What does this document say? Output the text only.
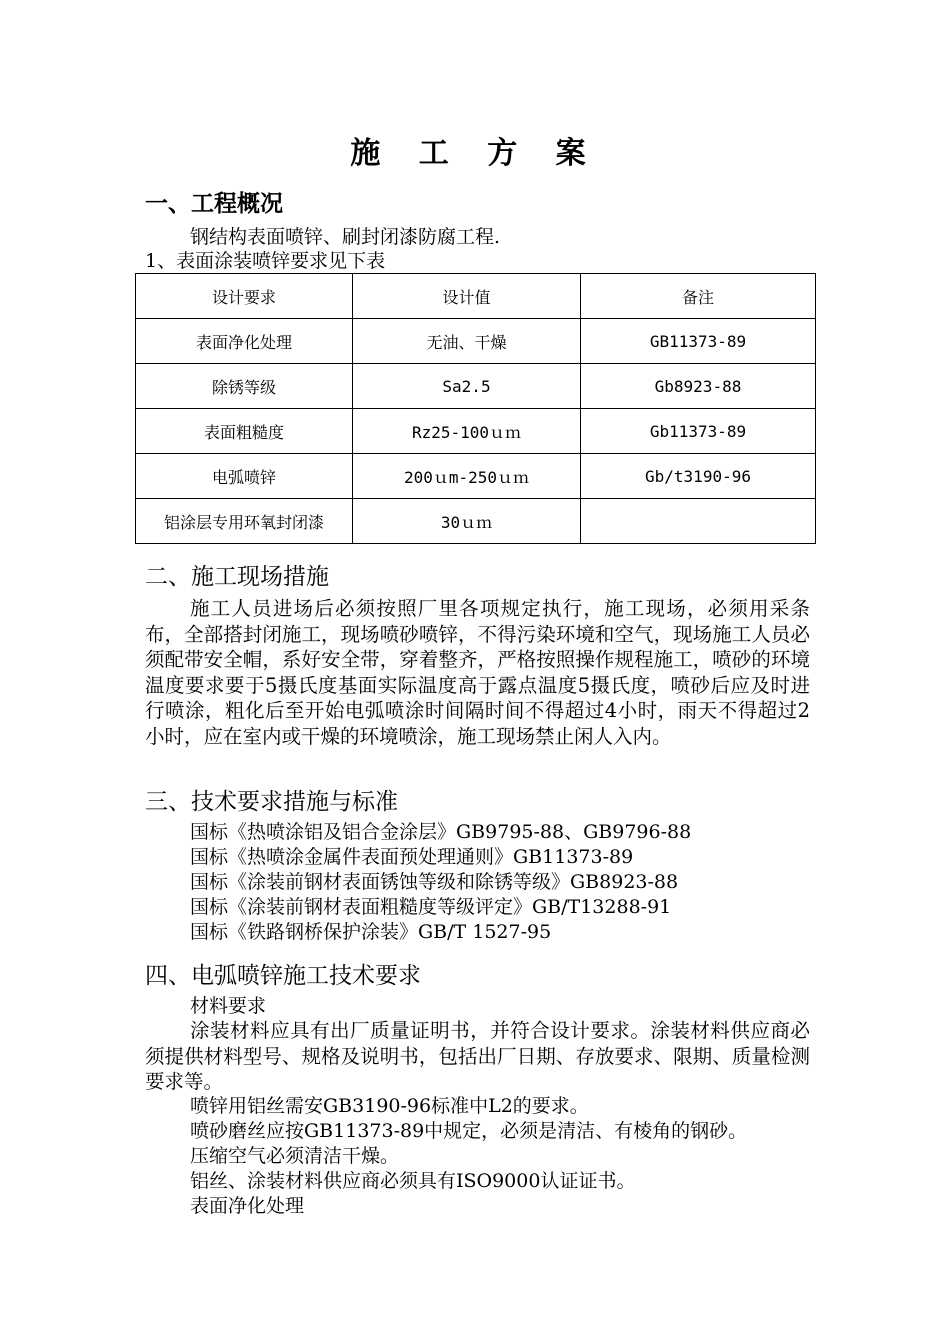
施 工 方 案
一、工程概况
钢结构表面喷锌、刷封闭漆防腐工程.
1、表面涂装喷锌要求见下表
设计要求	设计值	备注
表面净化处理	无油、干燥	GB11373-89
除锈等级	Sa2.5	Gb8923-88
表面粗糙度	Rz25-100ｕｍ	Gb11373-89
电弧喷锌	200ｕm-250ｕｍ	Gb/t3190-96
铝涂层专用环氧封闭漆	30ｕｍ	
二、施工现场措施
施工人员进场后必须按照厂里各项规定执行，施工现场，必须用采条布，全部搭封闭施工，现场喷砂喷锌，不得污染环境和空气，现场施工人员必须配带安全帽，系好安全带，穿着整齐，严格按照操作规程施工，喷砂的环境温度要求要于5摄氏度基面实际温度高于露点温度5摄氏度，喷砂后应及时进行喷涂，粗化后至开始电弧喷涂时间隔时间不得超过4小时，雨天不得超过2小时，应在室内或干燥的环境喷涂，施工现场禁止闲人入内。
三、技术要求措施与标准
国标《热喷涂铝及铝合金涂层》GB9795-88、GB9796-88
国标《热喷涂金属件表面预处理通则》GB11373-89
国标《涂装前钢材表面锈蚀等级和除锈等级》GB8923-88
国标《涂装前钢材表面粗糙度等级评定》GB/T13288-91
国标《铁路钢桥保护涂装》GB/T 1527-95
四、电弧喷锌施工技术要求
材料要求
涂装材料应具有出厂质量证明书，并符合设计要求。涂装材料供应商必须提供材料型号、规格及说明书，包括出厂日期、存放要求、限期、质量检测要求等。
喷锌用铝丝需安GB3190-96标准中L2的要求。
喷砂磨丝应按GB11373-89中规定，必须是清洁、有棱角的钢砂。
压缩空气必须清洁干燥。
铝丝、涂装材料供应商必须具有ISO9000认证证书。
表面净化处理
